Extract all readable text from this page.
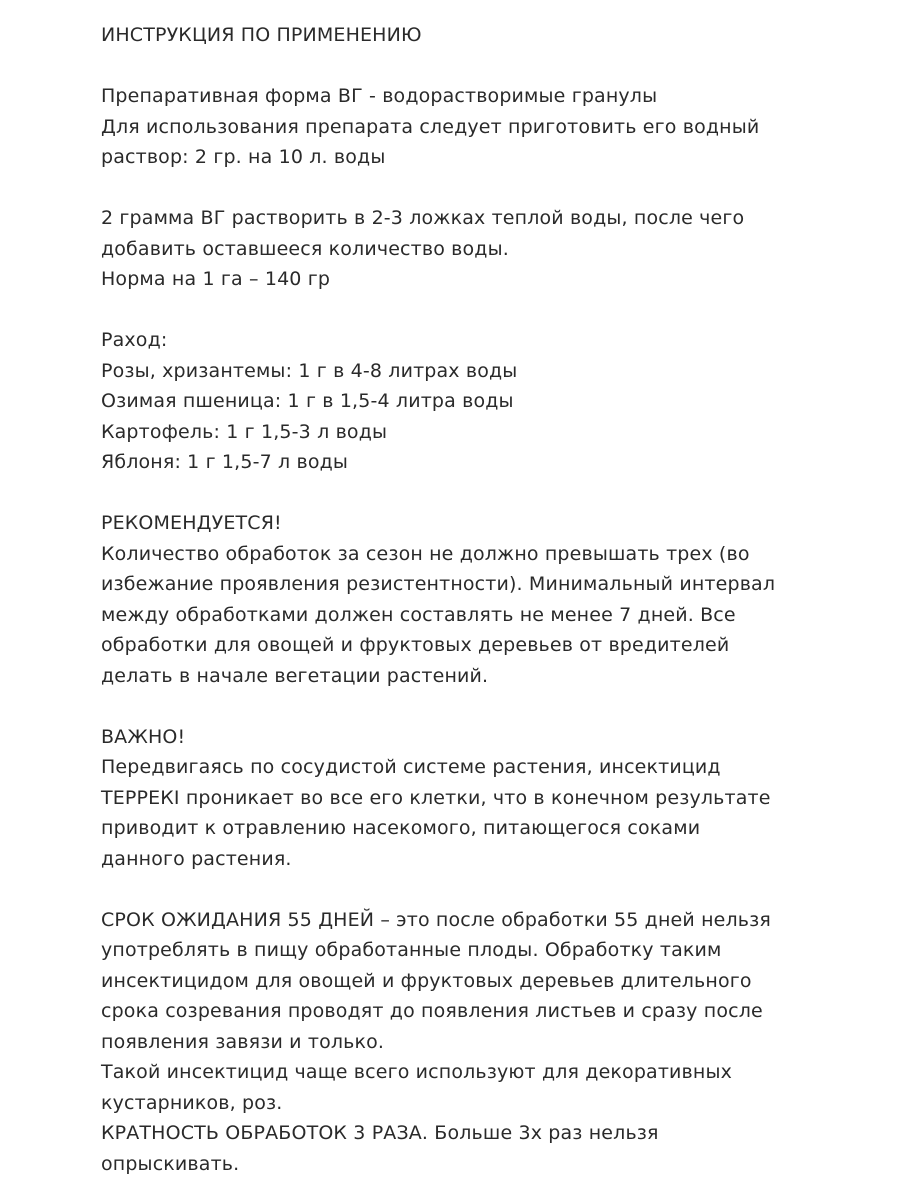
ИНСТРУКЦИЯ ПО ПРИМЕНЕНИЮ
Препаративная форма ВГ - водорастворимые гранулы
Для использования препарата следует приготовить его водный
раствор: 2 гр. на 10 л. воды
2 грамма ВГ растворить в 2-3 ложках теплой воды, после чего
добавить оставшееся количество воды.
Норма на 1 га – 140 гр
Раход:
Розы, хризантемы: 1 г в 4-8 литрах воды
Озимая пшеница: 1 г в 1,5-4 литра воды
Картофель: 1 г 1,5-3 л воды
Яблоня: 1 г 1,5-7 л воды
РЕКОМЕНДУЕТСЯ!
Количество обработок за сезон не должно превышать трех (во
избежание проявления резистентности). Минимальный интервал
между обработками должен составлять не менее 7 дней. Все
обработки для овощей и фруктовых деревьев от вредителей
делать в начале вегетации растений.
ВАЖНО!
Передвигаясь по сосудистой системе растения, инсектицид
ТЕРРЕКI проникает во все его клетки, что в конечном результате
приводит к отравлению насекомого, питающегося соками
данного растения.
СРОК ОЖИДАНИЯ 55 ДНЕЙ – это после обработки 55 дней нельзя
употреблять в пищу обработанные плоды. Обработку таким
инсектицидом для овощей и фруктовых деревьев длительного
срока созревания проводят до появления листьев и сразу после
появления завязи и только.
Такой инсектицид чаще всего используют для декоративных
кустарников, роз.
КРАТНОСТЬ ОБРАБОТОК 3 РАЗА. Больше 3х раз нельзя
опрыскивать.
